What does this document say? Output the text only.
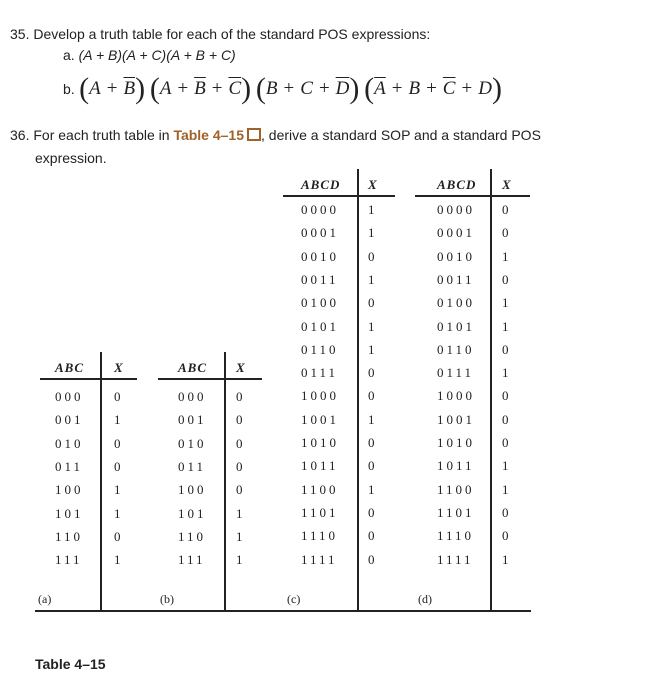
35. Develop a truth table for each of the standard POS expressions:
a. (A + B)(A + C)(A + B + C)
b. $(A + \overline{B})$ $(A + \overline{B} + \overline{C})$ $(B + C + \overline{D})$ $(\overline{A} + B + \overline{C} + D)$
36. For each truth table in Table 4–15 , derive a standard SOP and a standard POS
expression.
ABC X
000 0
001 1
010 0
011 0
100 1
101 1
110 0
111 1
(a)
ABC X
000 0
001 0
010 0
011 0
100 0
101 1
110 1
111 1
(b)
ABCD X
0000 1
0001 1
0010 0
0011 1
0100 0
0101 1
0110 1
0111 0
1000 0
1001 1
1010 0
1011 0
1100 1
1101 0
1110 0
1111 0
(c)
ABCD X
0000 0
0001 0
0010 1
0011 0
0100 1
0101 1
0110 0
0111 1
1000 0
1001 0
1010 0
1011 1
1100 1
1101 0
1110 0
1111 1
(d)
Table 4–15
